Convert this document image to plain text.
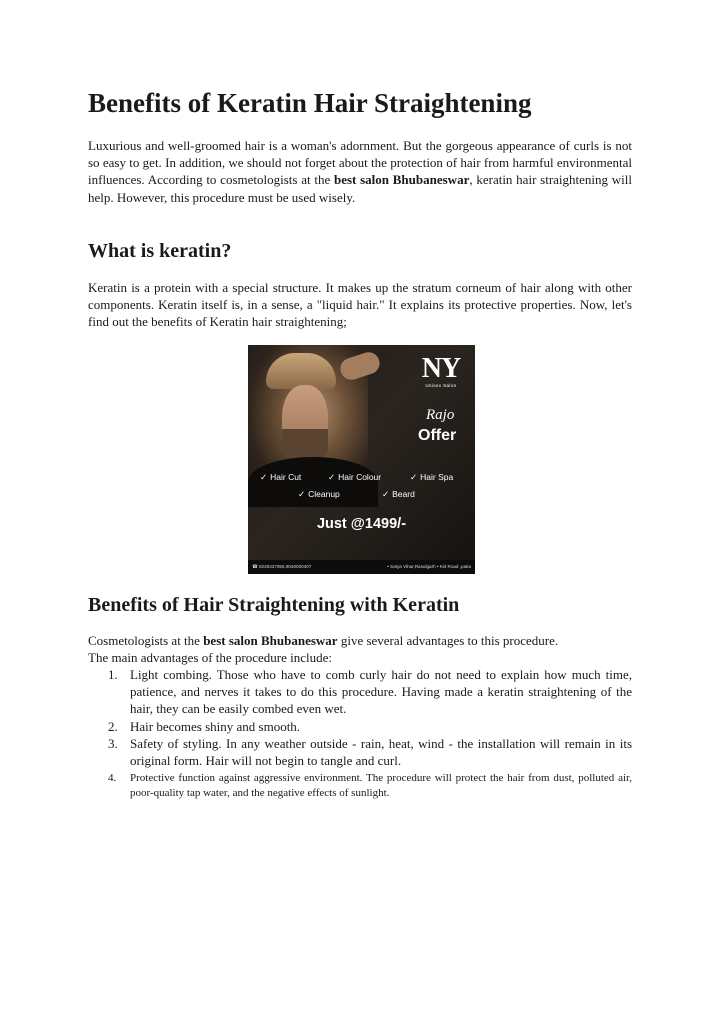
Benefits of Keratin Hair Straightening

Luxurious and well-groomed hair is a woman's adornment. But the gorgeous appearance of curls is not so easy to get. In addition, we should not forget about the protection of hair from harmful environmental influences. According to cosmetologists at the best salon Bhubaneswar, keratin hair straightening will help. However, this procedure must be used wisely.

What is keratin?

Keratin is a protein with a special structure. It makes up the stratum corneum of hair along with other components. Keratin itself is, in a sense, a "liquid hair." It explains its protective properties. Now, let's find out the benefits of Keratin hair straightening;

Benefits of Hair Straightening with Keratin

Cosmetologists at the best salon Bhubaneswar give several advantages to this procedure.
The main advantages of the procedure include:

1. Light combing. Those who have to comb curly hair do not need to explain how much time, patience, and nerves it takes to do this procedure. Having made a keratin straightening of the hair, they can be easily combed even wet.
2. Hair becomes shiny and smooth.
3. Safety of styling. In any weather outside - rain, heat, wind - the installation will remain in its original form. Hair will not begin to tangle and curl.
4. Protective function against aggressive environment. The procedure will protect the hair from dust, polluted air, poor-quality tap water, and the negative effects of sunlight.
NY
Unisex Salon
Rajo
Offer
✓ Hair Cut	✓ Hair Colour	✓ Hair Spa
✓ Cleanup	✓ Beard
Just @1499/-
☎ 8249337055,9040000407	• Satya Vihar,Rasulgarh • Kiit Road ,patia
